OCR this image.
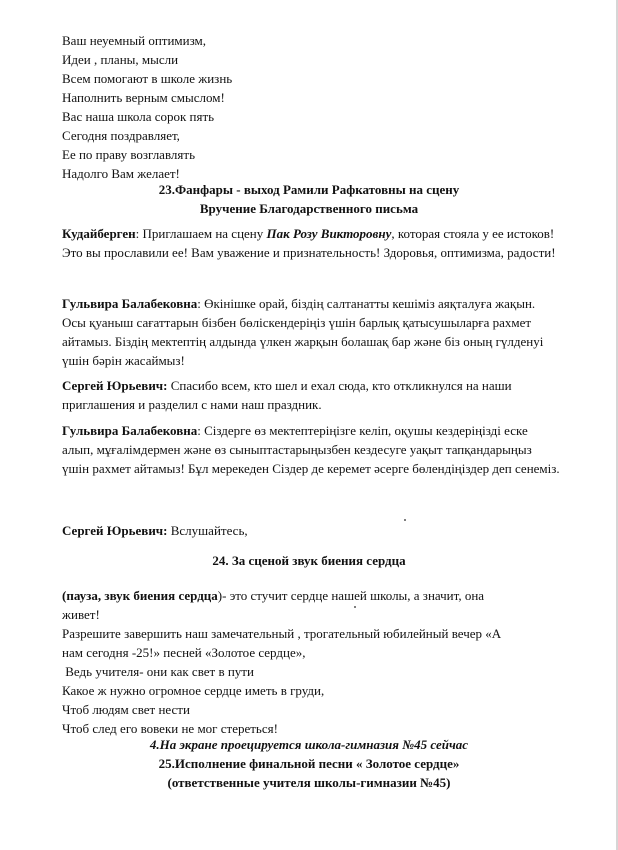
Ваш неуемный оптимизм,
Идеи , планы, мысли
Всем помогают в школе жизнь
Наполнить верным смыслом!
Вас наша школа сорок пять
Сегодня поздравляет,
Ее по праву возглавлять
Надолго Вам желает!
23.Фанфары - выход Рамили Рафкатовны на сцену
Вручение Благодарственного письма
Кудайберген: Приглашаем на сцену Пак Розу Викторовну, которая стояла у ее истоков! Это вы прославили ее! Вам уважение и признательность! Здоровья, оптимизма, радости!
Гульвира Балабековна: Өкінішке орай, біздің салтанатты кешіміз аяқталуға жақын. Осы қуаныш сағаттарын бізбен бөлiскендеріңіз үшін барлық қатысушыларға рахмет айтамыз. Біздің мектептің алдында үлкен жарқын болашақ бар және біз оның гүлденуі үшін бәрін жасаймыз!
Сергей Юрьевич: Спасибо всем, кто шел и ехал сюда, кто откликнулся на наши приглашения и разделил с нами наш праздник.
Гульвира Балабековна: Сіздерге өз мектептеріңізге келіп, оқушы кездеріңізді еске алып, мұғалімдермен және өз сыныптастарыңызбен кездесуге уақыт тапқандарыңыз үшін рахмет айтамыз! Бұл мерекеден Сіздер де керемет әсерге бөлендіңіздер деп сенеміз.
Сергей Юрьевич: Вслушайтесь,
24. За сценой звук биения сердца
(пауза, звук биения сердца)- это стучит сердце нашей школы, а значит, она
живет!
Разрешите завершить наш замечательный , трогательный юбилейный вечер «А
нам сегодня -25!» песней «Золотое сердце»,
Ведь учителя- они как свет в пути
Какое ж нужно огромное сердце иметь в груди,
Чтоб людям свет нести
Чтоб след его вовеки не мог стереться!
4.На экране проецируется школа-гимназия №45 сейчас
25.Исполнение финальной песни « Золотое сердце»
(ответственные учителя школы-гимназии №45)
